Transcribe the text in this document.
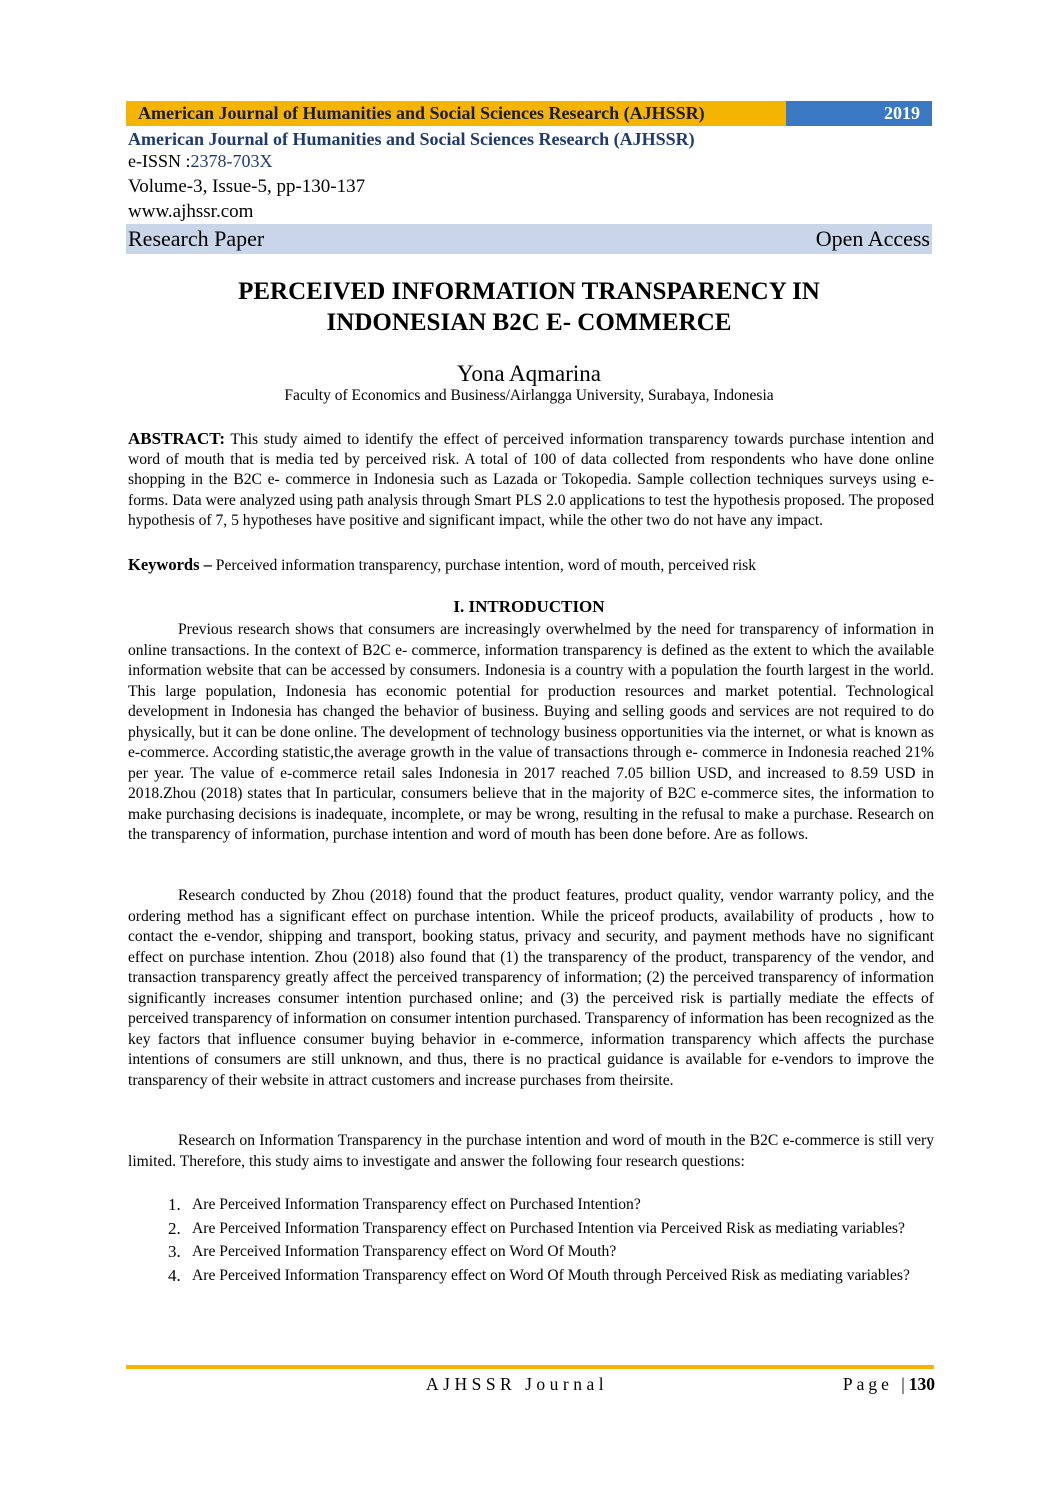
American Journal of Humanities and Social Sciences Research (AJHSSR)	2019
American Journal of Humanities and Social Sciences Research (AJHSSR)
e-ISSN :2378-703X
Volume-3, Issue-5, pp-130-137
www.ajhssr.com
Research Paper	Open Access
PERCEIVED INFORMATION TRANSPARENCY IN
INDONESIAN B2C E- COMMERCE
Yona Aqmarina
Faculty of Economics and Business/Airlangga University, Surabaya, Indonesia
ABSTRACT: This study aimed to identify the effect of perceived information transparency towards purchase intention and word of mouth that is media ted by perceived risk. A total of 100 of data collected from respondents who have done online shopping in the B2C e- commerce in Indonesia such as Lazada or Tokopedia. Sample collection techniques surveys using e-forms. Data were analyzed using path analysis through Smart PLS 2.0 applications to test the hypothesis proposed. The proposed hypothesis of 7, 5 hypotheses have positive and significant impact, while the other two do not have any impact.
Keywords – Perceived information transparency, purchase intention, word of mouth, perceived risk
I. INTRODUCTION

Previous research shows that consumers are increasingly overwhelmed by the need for transparency of information in online transactions. In the context of B2C e- commerce, information transparency is defined as the extent to which the available information website that can be accessed by consumers. Indonesia is a country with a population the fourth largest in the world. This large population, Indonesia has economic potential for production resources and market potential. Technological development in Indonesia has changed the behavior of business. Buying and selling goods and services are not required to do physically, but it can be done online. The development of technology business opportunities via the internet, or what is known as e-commerce. According statistic,the average growth in the value of transactions through e- commerce in Indonesia reached 21% per year. The value of e-commerce retail sales Indonesia in 2017 reached 7.05 billion USD, and increased to 8.59 USD in 2018.Zhou (2018) states that In particular, consumers believe that in the majority of B2C e-commerce sites, the information to make purchasing decisions is inadequate, incomplete, or may be wrong, resulting in the refusal to make a purchase. Research on the transparency of information, purchase intention and word of mouth has been done before. Are as follows.

Research conducted by Zhou (2018) found that the product features, product quality, vendor warranty policy, and the ordering method has a significant effect on purchase intention. While the priceof products, availability of products , how to contact the e-vendor, shipping and transport, booking status, privacy and security, and payment methods have no significant effect on purchase intention. Zhou (2018) also found that (1) the transparency of the product, transparency of the vendor, and transaction transparency greatly affect the perceived transparency of information; (2) the perceived transparency of information significantly increases consumer intention purchased online; and (3) the perceived risk is partially mediate the effects of perceived transparency of information on consumer intention purchased. Transparency of information has been recognized as the key factors that influence consumer buying behavior in e-commerce, information transparency which affects the purchase intentions of consumers are still unknown, and thus, there is no practical guidance is available for e-vendors to improve the transparency of their website in attract customers and increase purchases from theirsite.

Research on Information Transparency in the purchase intention and word of mouth in the B2C e-commerce is still very limited. Therefore, this study aims to investigate and answer the following four research questions:

1. Are Perceived Information Transparency effect on Purchased Intention?
2. Are Perceived Information Transparency effect on Purchased Intention via Perceived Risk as mediating variables?
3. Are Perceived Information Transparency effect on Word Of Mouth?
4. Are Perceived Information Transparency effect on Word Of Mouth through Perceived Risk as mediating variables?
AJHSSR Journal	Page |130
